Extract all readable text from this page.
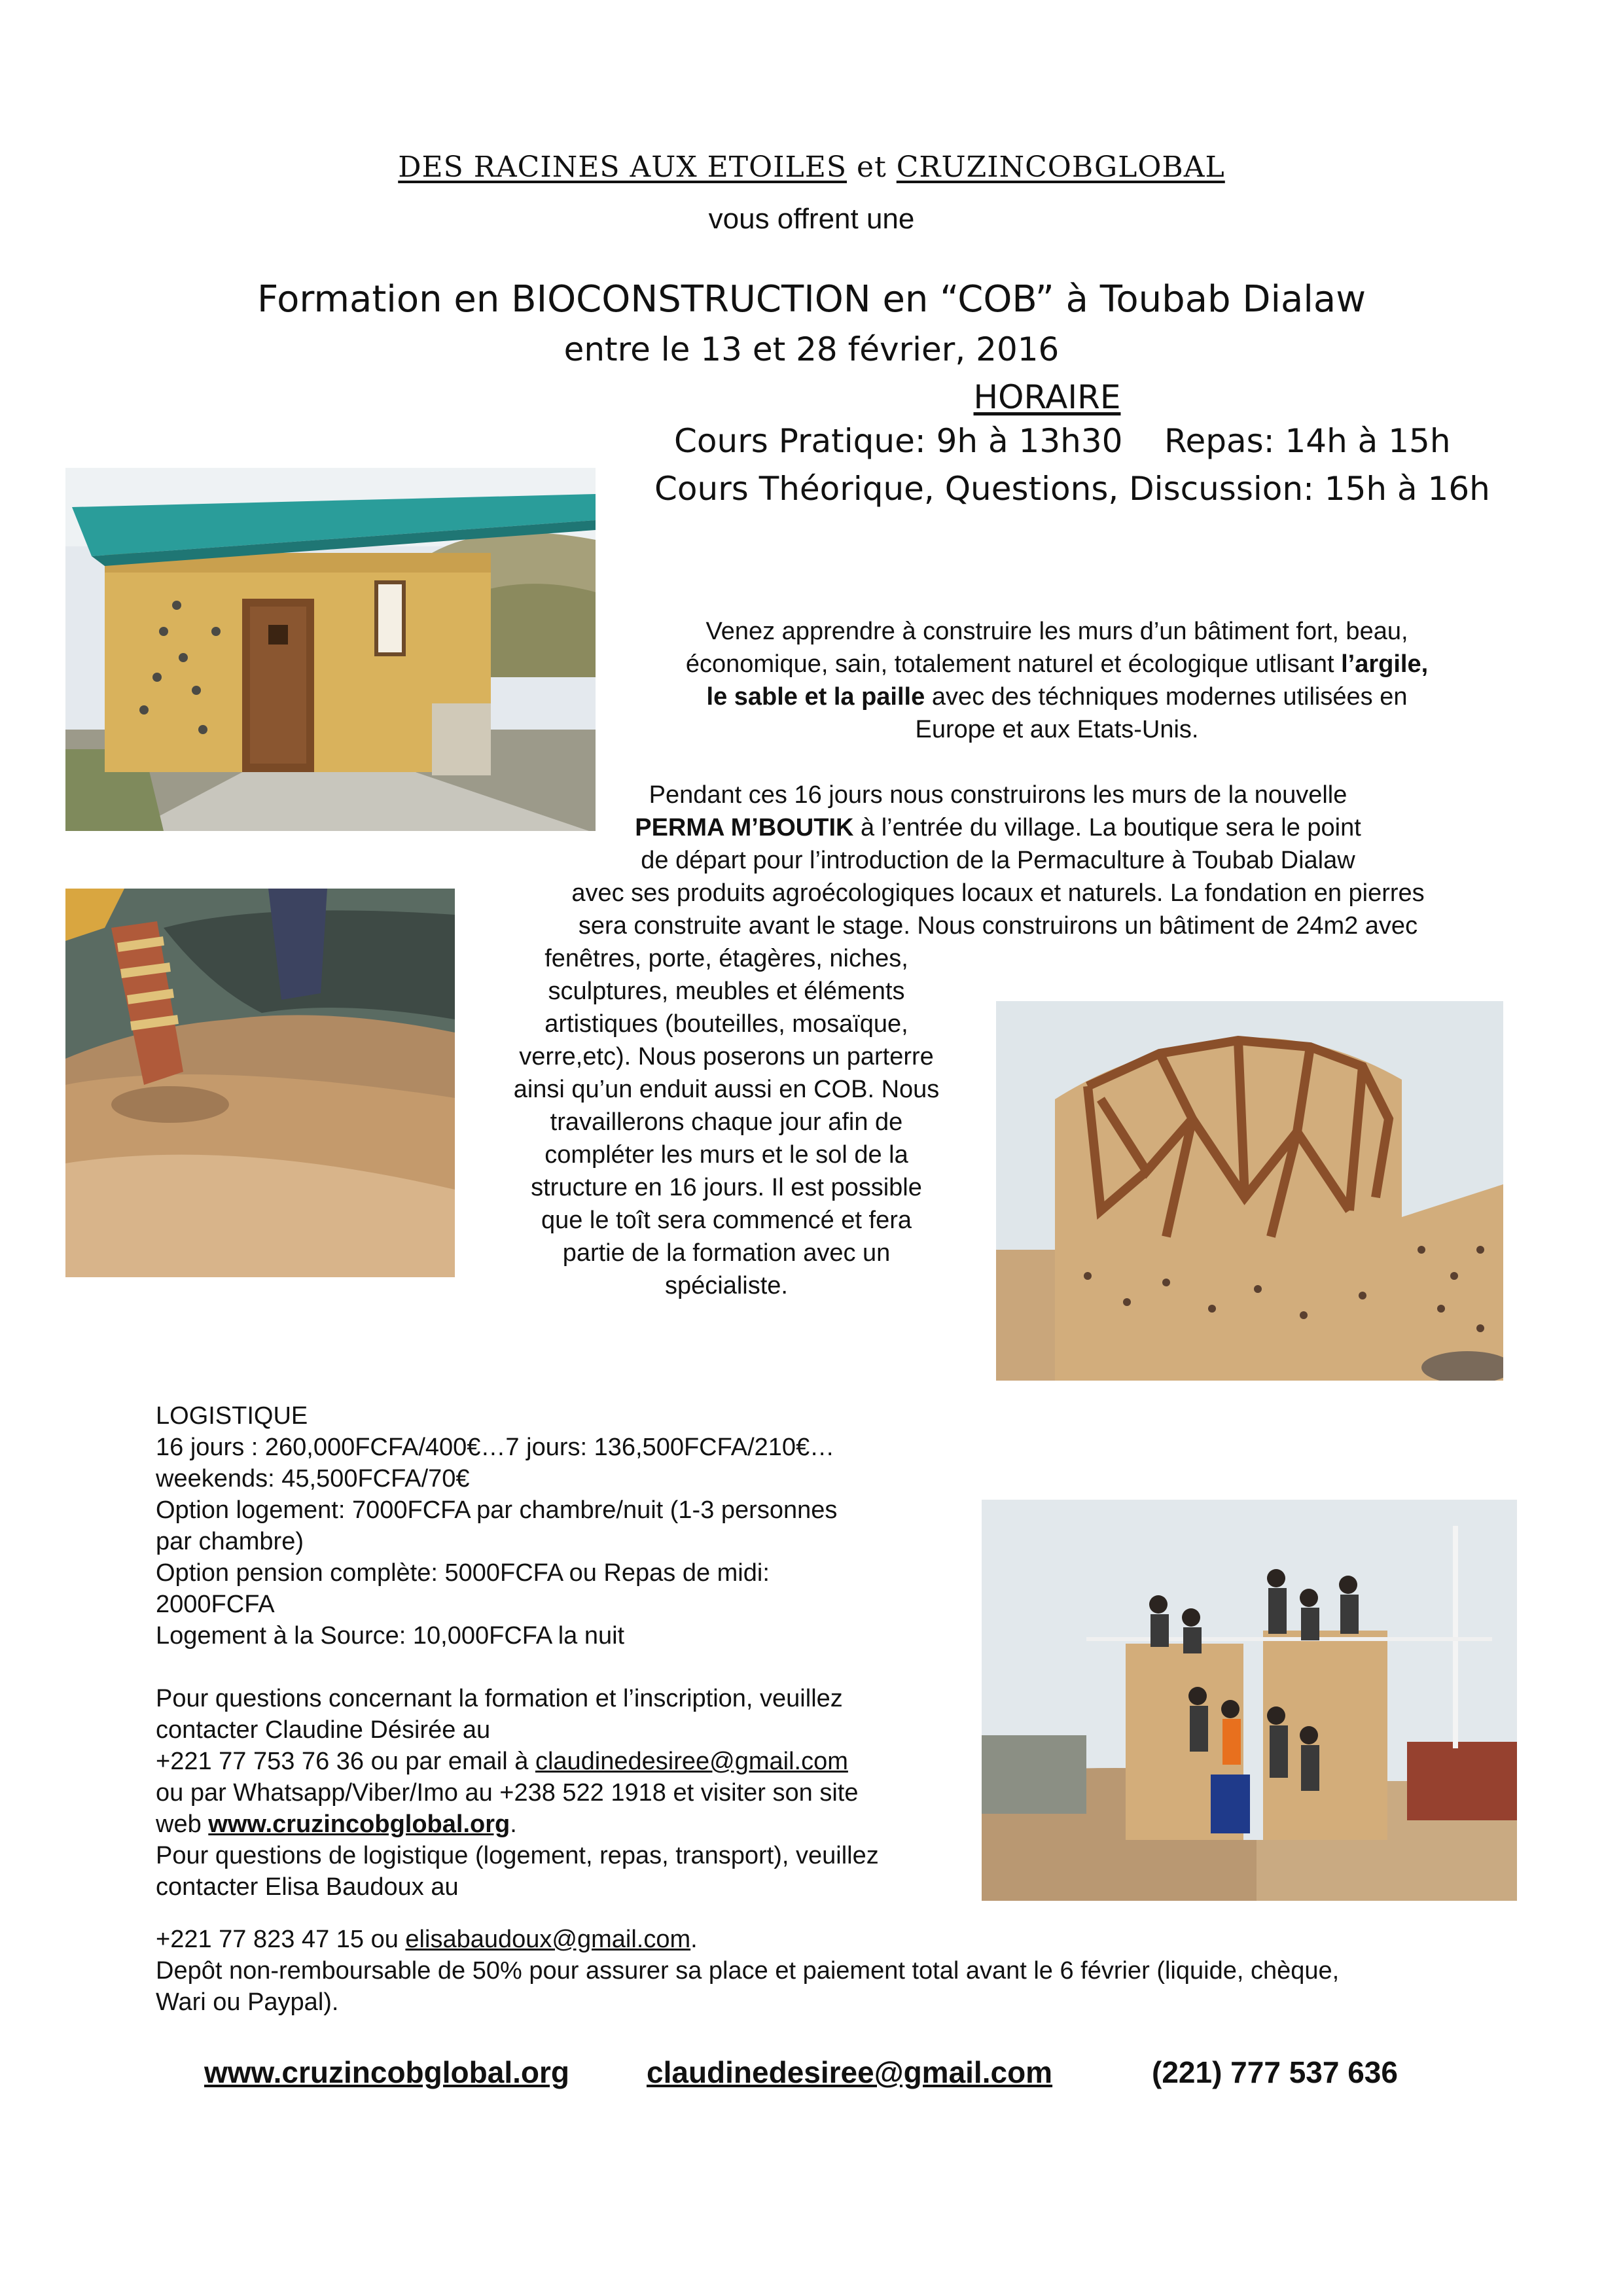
DES RACINES AUX ETOILES et CRUZINCOBGLOBAL
vous offrent une
Formation en BIOCONSTRUCTION en “COB” à Toubab Dialaw
entre le 13 et 28 février, 2016
HORAIRE
Cours Pratique: 9h à 13h30 Repas: 14h à 15h
Cours Théorique, Questions, Discussion: 15h à 16h
Venez apprendre à construire les murs d’un bâtiment fort, beau,
économique, sain, totalement naturel et écologique utlisant l’argile,
le sable et la paille avec des téchniques modernes utilisées en
Europe et aux Etats-Unis.
Pendant ces 16 jours nous construirons les murs de la nouvelle
PERMA M’BOUTIK à l’entrée du village. La boutique sera le point
de départ pour l’introduction de la Permaculture à Toubab Dialaw
avec ses produits agroécologiques locaux et naturels. La fondation en pierres
sera construite avant le stage. Nous construirons un bâtiment de 24m2 avec
fenêtres, porte, étagères, niches,
sculptures, meubles et éléments
artistiques (bouteilles, mosaïque,
verre,etc). Nous poserons un parterre
ainsi qu’un enduit aussi en COB. Nous
travaillerons chaque jour afin de
compléter les murs et le sol de la
structure en 16 jours. Il est possible
que le toît sera commencé et fera
partie de la formation avec un
spécialiste.

LOGISTIQUE

16 jours : 260,000FCFA/400€…7 jours: 136,500FCFA/210€…

weekends: 45,500FCFA/70€

Option logement: 7000FCFA par chambre/nuit (1-3 personnes

par chambre)

Option pension complète: 5000FCFA ou Repas de midi:

2000FCFA

Logement à la Source: 10,000FCFA la nuit

Pour questions concernant la formation et l’inscription, veuillez

contacter Claudine Désirée au

+221 77 753 76 36 ou par email à claudinedesiree@gmail.com

ou par Whatsapp/Viber/Imo au +238 522 1918 et visiter son site

web www.cruzincobglobal.org.

Pour questions de logistique (logement, repas, transport), veuillez

contacter Elisa Baudoux au

+221 77 823 47 15 ou elisabaudoux@gmail.com.

Depôt non-remboursable de 50% pour assurer sa place et paiement total avant le 6 février (liquide, chèque,

Wari ou Paypal).

www.cruzincobglobal.org	claudinedesiree@gmail.com	(221) 777 537 636
